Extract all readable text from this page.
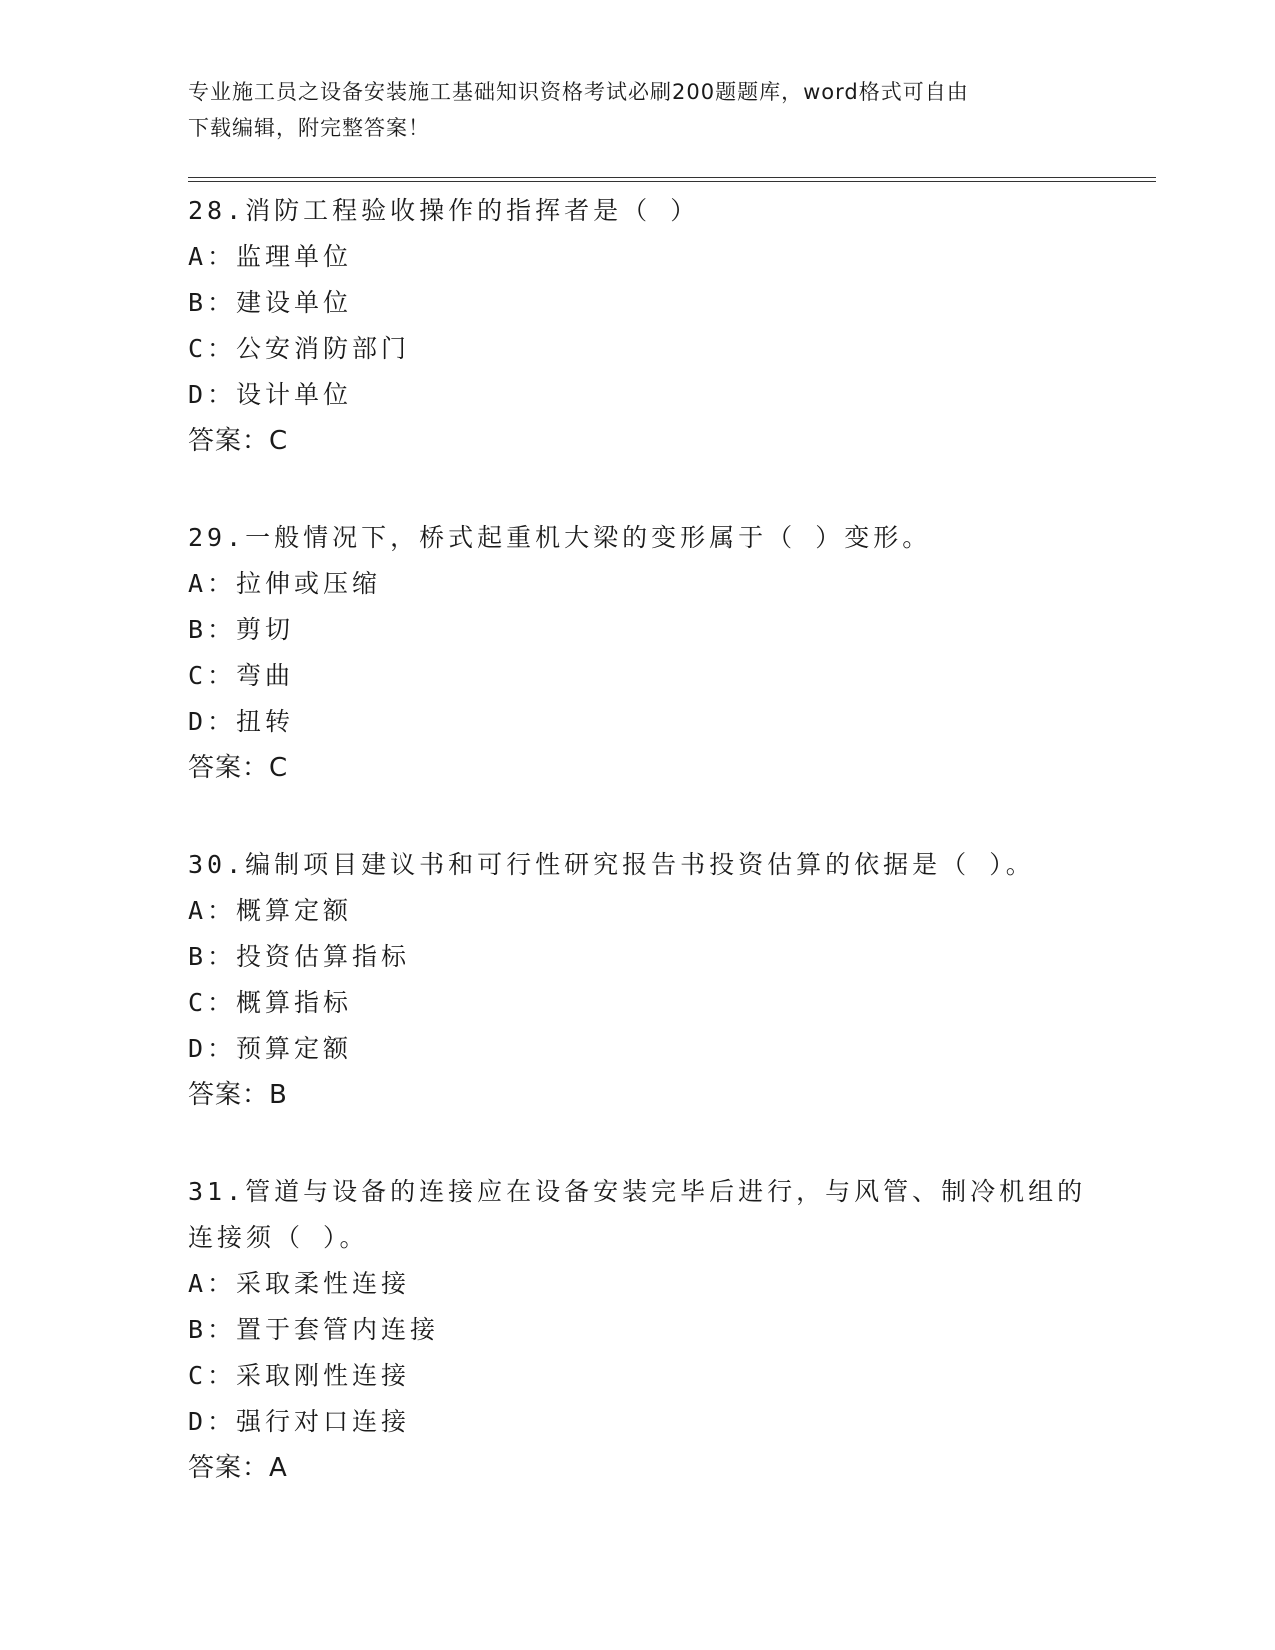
专业施工员之设备安装施工基础知识资格考试必刷200题题库，word格式可自由
下载编辑，附完整答案！
28.消防工程验收操作的指挥者是（ ）
A：监理单位
B：建设单位
C：公安消防部门
D：设计单位
答案：C
29.一般情况下，桥式起重机大梁的变形属于（ ）变形。
A：拉伸或压缩
B：剪切
C：弯曲
D：扭转
答案：C
30.编制项目建议书和可行性研究报告书投资估算的依据是（ ）。
A：概算定额
B：投资估算指标
C：概算指标
D：预算定额
答案：B
31.管道与设备的连接应在设备安装完毕后进行，与风管、制冷机组的连接须（ ）。
A：采取柔性连接
B：置于套管内连接
C：采取刚性连接
D：强行对口连接
答案：A
